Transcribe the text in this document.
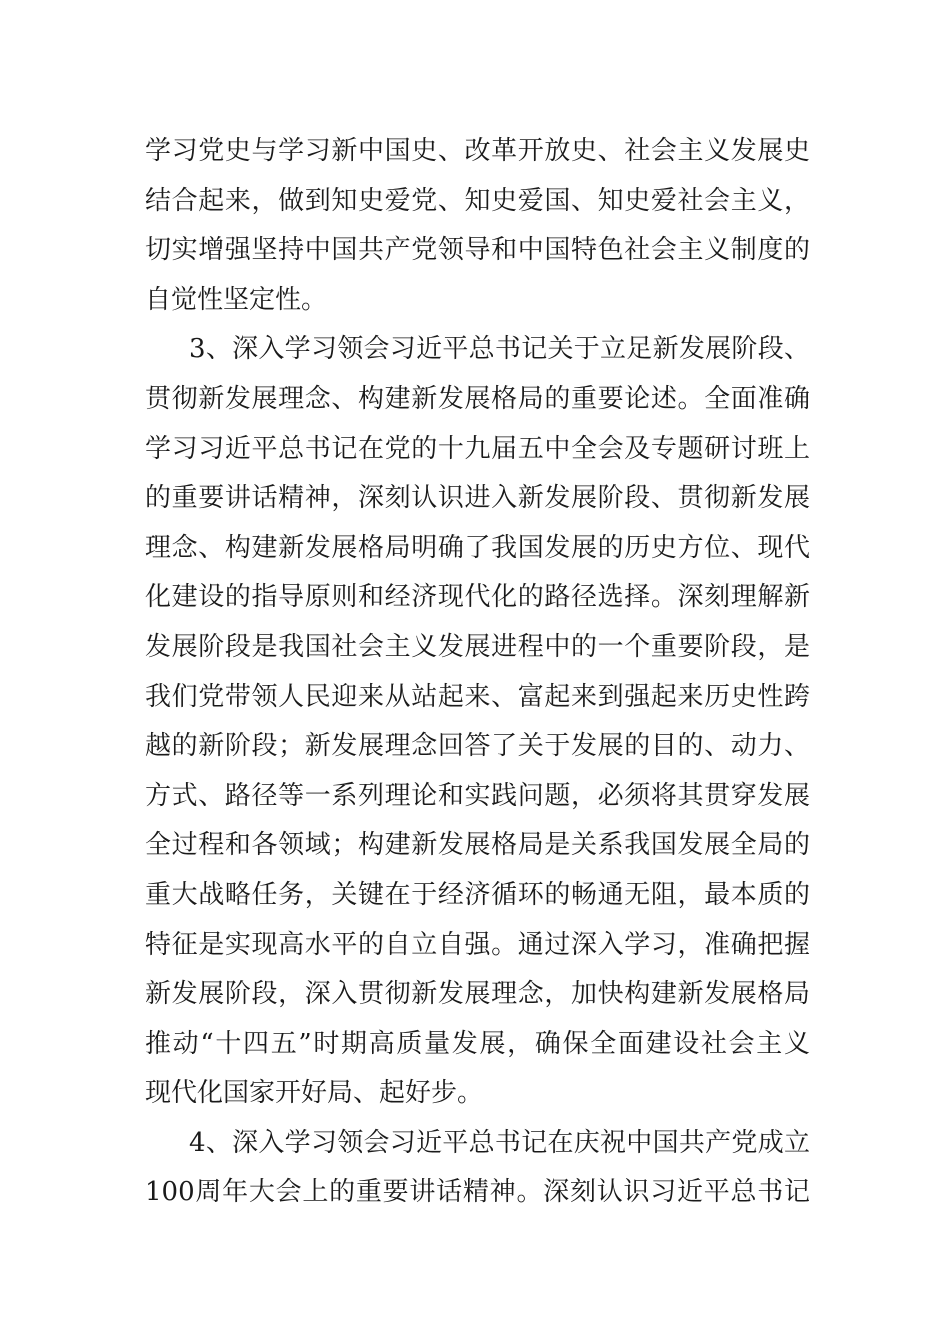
学习党史与学习新中国史、改革开放史、社会主义发展史
结合起来，做到知史爱党、知史爱国、知史爱社会主义，
切实增强坚持中国共产党领导和中国特色社会主义制度的
自觉性坚定性。

3、深入学习领会习近平总书记关于立足新发展阶段、
贯彻新发展理念、构建新发展格局的重要论述。全面准确
学习习近平总书记在党的十九届五中全会及专题研讨班上
的重要讲话精神，深刻认识进入新发展阶段、贯彻新发展
理念、构建新发展格局明确了我国发展的历史方位、现代
化建设的指导原则和经济现代化的路径选择。深刻理解新
发展阶段是我国社会主义发展进程中的一个重要阶段，是
我们党带领人民迎来从站起来、富起来到强起来历史性跨
越的新阶段；新发展理念回答了关于发展的目的、动力、
方式、路径等一系列理论和实践问题，必须将其贯穿发展
全过程和各领域；构建新发展格局是关系我国发展全局的
重大战略任务，关键在于经济循环的畅通无阻，最本质的
特征是实现高水平的自立自强。通过深入学习，准确把握
新发展阶段，深入贯彻新发展理念，加快构建新发展格局
推动“十四五”时期高质量发展，确保全面建设社会主义
现代化国家开好局、起好步。

4、深入学习领会习近平总书记在庆祝中国共产党成立
100周年大会上的重要讲话精神。深刻认识习近平总书记
